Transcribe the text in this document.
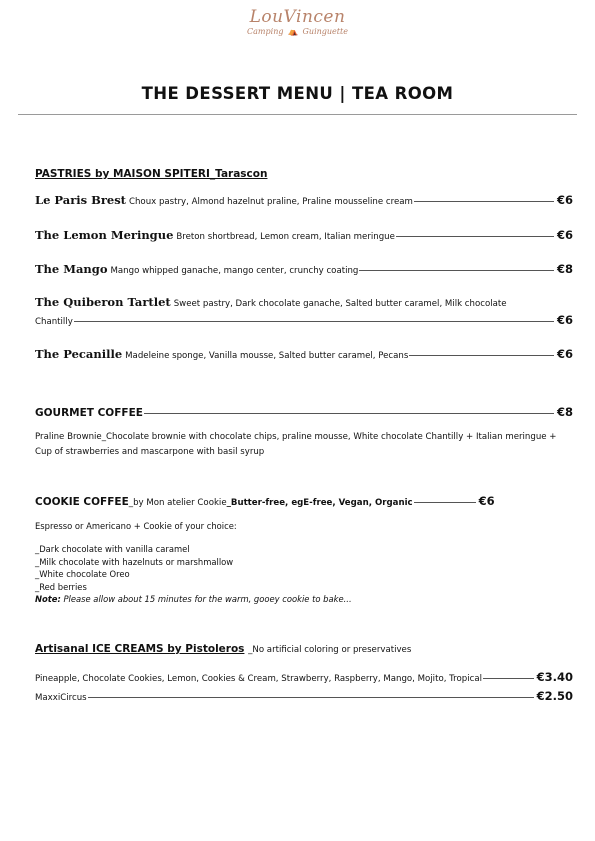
LouVincen
Camping ⛺ Guinguette
THE DESSERT MENU | TEA ROOM
PASTRIES by MAISON SPITERI_Tarascon
Le Paris Brest Choux pastry, Almond hazelnut praline, Praline mousseline cream	€6
The Lemon Meringue Breton shortbread, Lemon cream, Italian meringue	€6
The Mango Mango whipped ganache, mango center, crunchy coating	€8
The Quiberon Tartlet Sweet pastry, Dark chocolate ganache, Salted butter caramel, Milk chocolate
Chantilly	€6
The Pecanille Madeleine sponge, Vanilla mousse, Salted butter caramel, Pecans	€6
GOURMET COFFEE	€8
Praline Brownie_Chocolate brownie with chocolate chips, praline mousse, White chocolate Chantilly + Italian meringue + Cup of strawberries and mascarpone with basil syrup
COOKIE COFFEE _by Mon atelier Cookie _Butter-free, egE-free, Vegan, Organic	€6
Espresso or Americano + Cookie of your choice:
_Dark chocolate with vanilla caramel
_Milk chocolate with hazelnuts or marshmallow
_White chocolate Oreo
_Red berries
Note: Please allow about 15 minutes for the warm, gooey cookie to bake...
Artisanal ICE CREAMS by Pistoleros _No artificial coloring or preservatives
Pineapple, Chocolate Cookies, Lemon, Cookies & Cream, Strawberry, Raspberry, Mango, Mojito, Tropical	€3.40
MaxxiCircus	€2.50
